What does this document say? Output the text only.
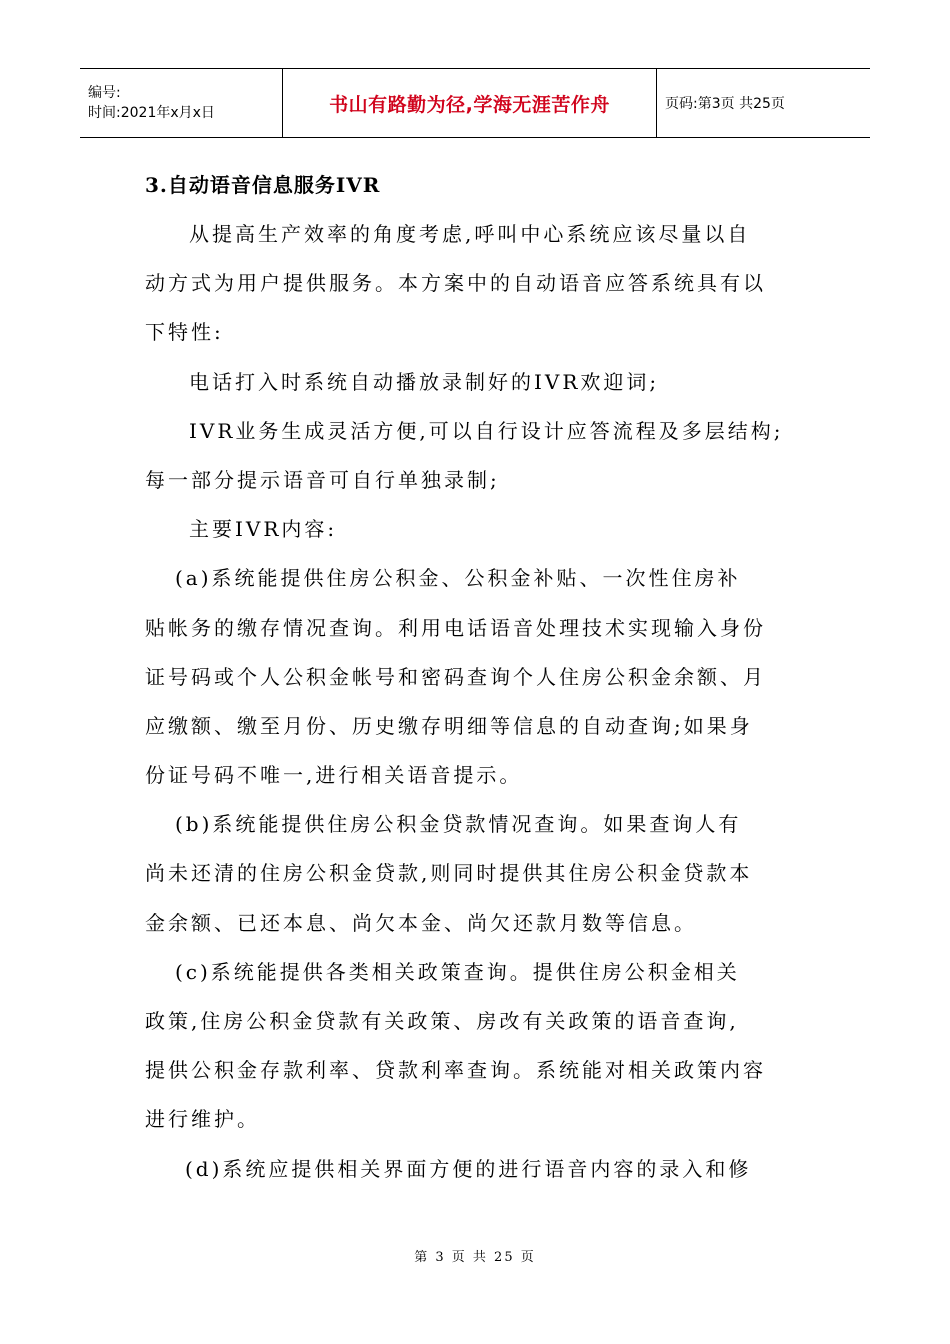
编号:
时间:2021年x月x日	书山有路勤为径,学海无涯苦作舟	页码:第3页 共25页
3.自动语音信息服务IVR
从提高生产效率的角度考虑,呼叫中心系统应该尽量以自
动方式为用户提供服务。本方案中的自动语音应答系统具有以
下特性:
电话打入时系统自动播放录制好的IVR欢迎词;
IVR业务生成灵活方便,可以自行设计应答流程及多层结构;
每一部分提示语音可自行单独录制;
主要IVR内容:
(a)系统能提供住房公积金、公积金补贴、一次性住房补
贴帐务的缴存情况查询。利用电话语音处理技术实现输入身份
证号码或个人公积金帐号和密码查询个人住房公积金余额、月
应缴额、缴至月份、历史缴存明细等信息的自动查询;如果身
份证号码不唯一,进行相关语音提示。
(b)系统能提供住房公积金贷款情况查询。如果查询人有
尚未还清的住房公积金贷款,则同时提供其住房公积金贷款本
金余额、已还本息、尚欠本金、尚欠还款月数等信息。
(c)系统能提供各类相关政策查询。提供住房公积金相关
政策,住房公积金贷款有关政策、房改有关政策的语音查询,
提供公积金存款利率、贷款利率查询。系统能对相关政策内容
进行维护。
(d)系统应提供相关界面方便的进行语音内容的录入和修
第 3 页 共 25 页
